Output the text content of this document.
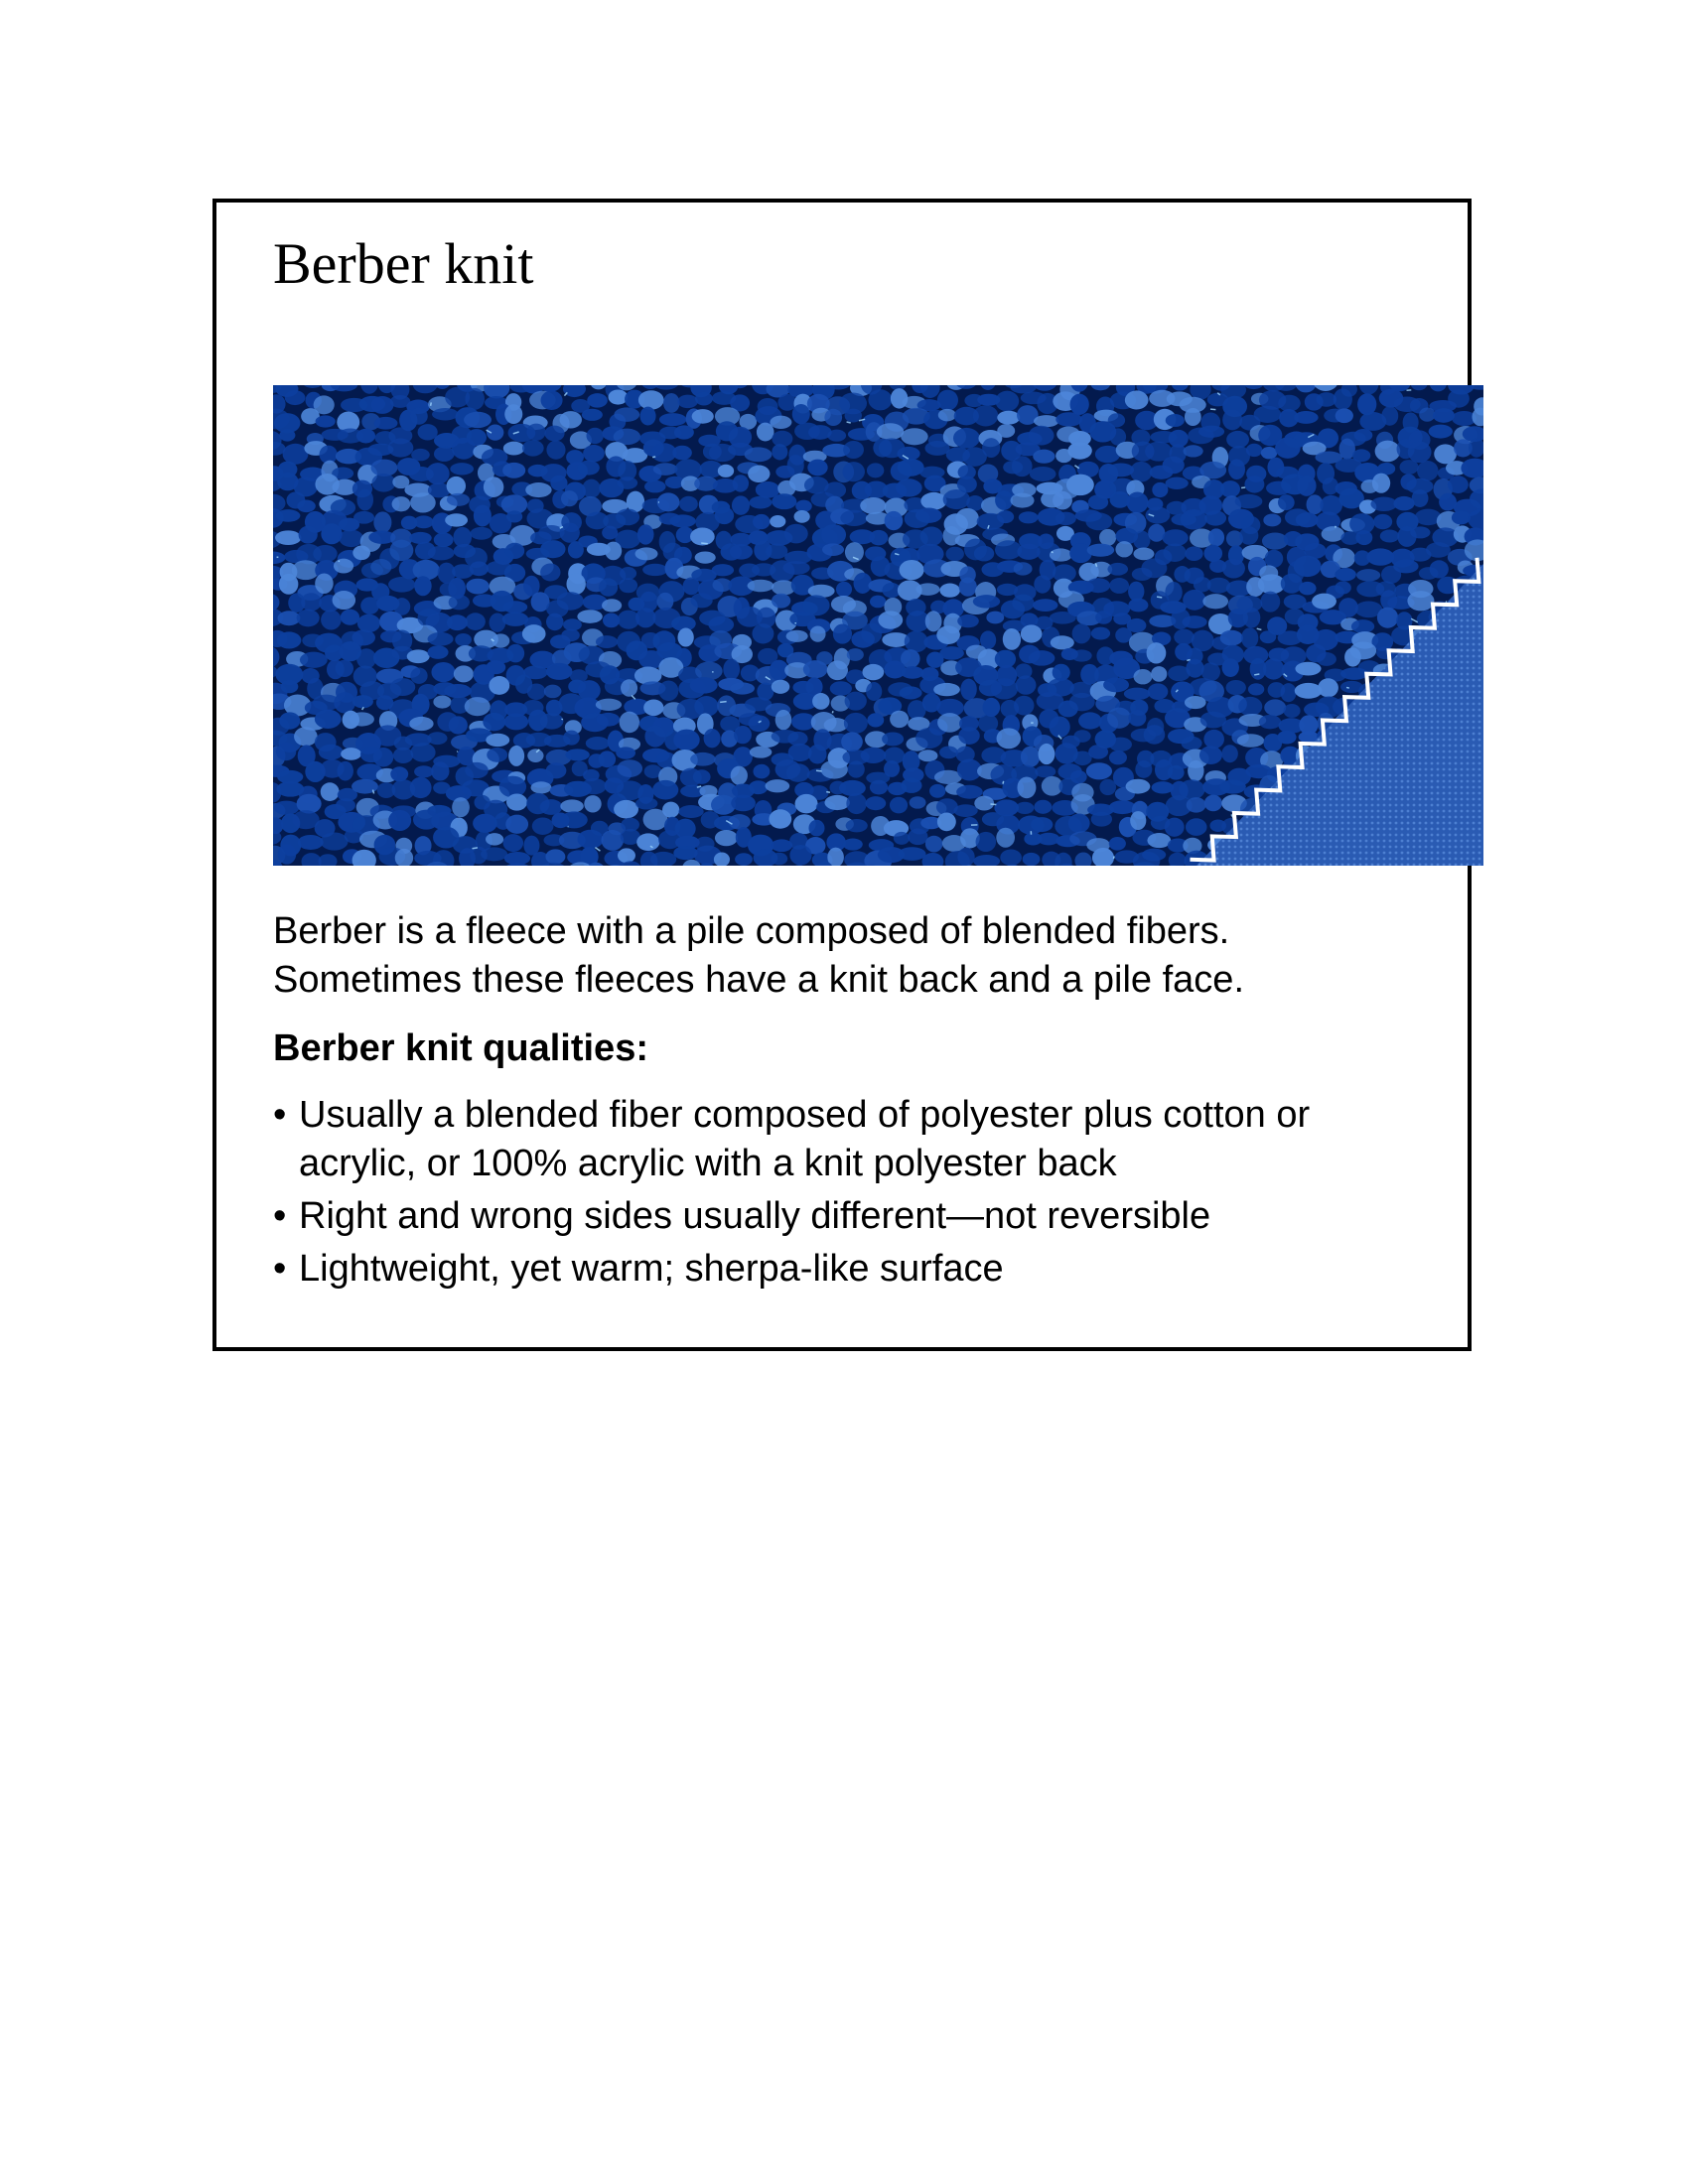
Berber knit

Berber is a fleece with a pile composed of blended fibers.

Sometimes these fleeces have a knit back and a pile face.

Berber knit qualities:

• Usually a blended fiber composed of polyester plus cotton or
acrylic, or 100% acrylic with a knit polyester back
• Right and wrong sides usually different—not reversible
• Lightweight, yet warm; sherpa-like surface
